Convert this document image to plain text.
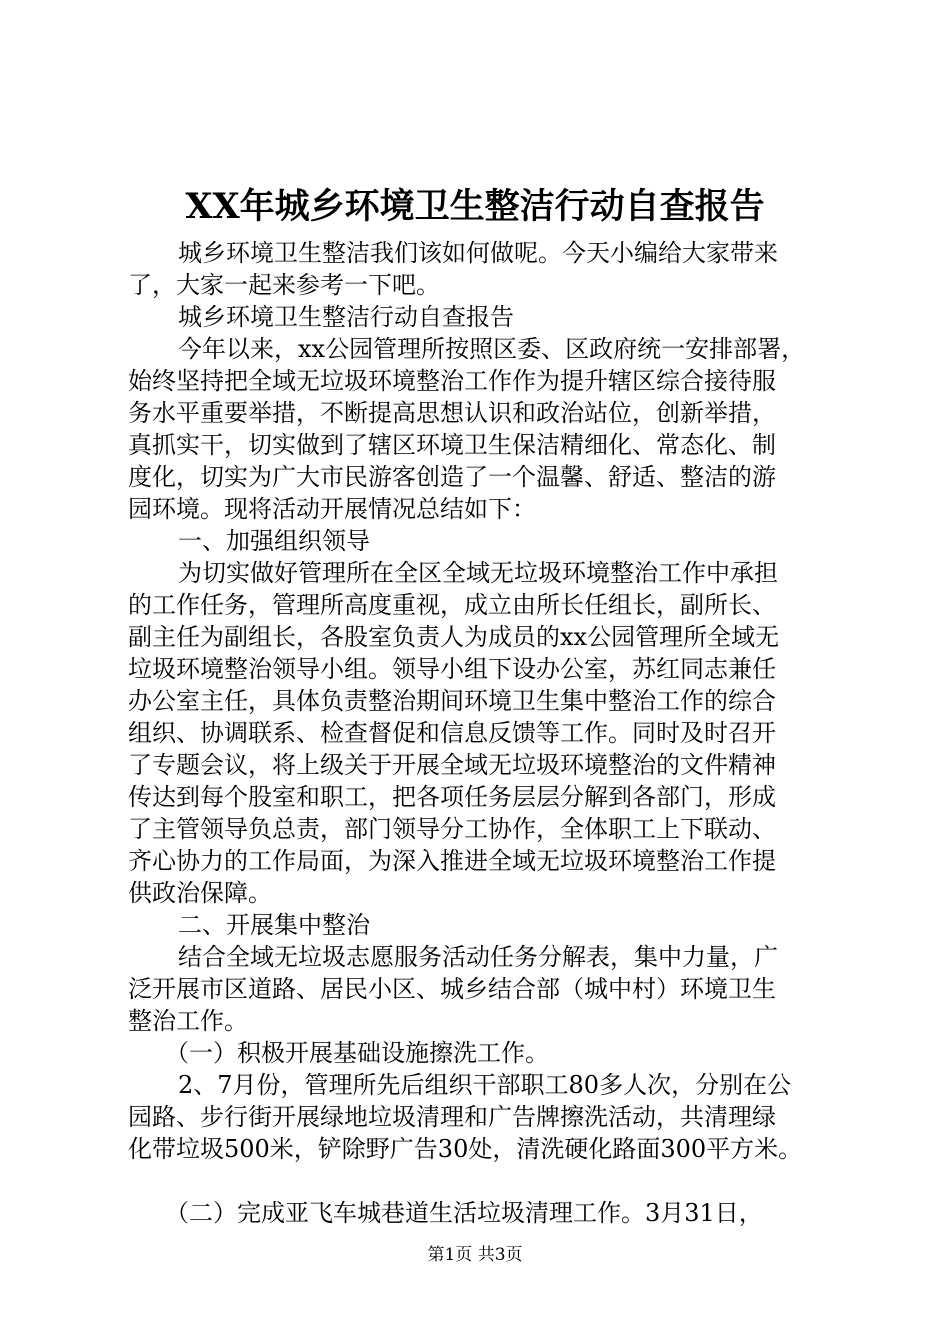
XX年城乡环境卫生整洁行动自查报告
城乡环境卫生整洁我们该如何做呢。今天小编给大家带来
了，大家一起来参考一下吧。
城乡环境卫生整洁行动自查报告
今年以来，xx公园管理所按照区委、区政府统一安排部署，
始终坚持把全域无垃圾环境整治工作作为提升辖区综合接待服
务水平重要举措，不断提高思想认识和政治站位，创新举措，
真抓实干，切实做到了辖区环境卫生保洁精细化、常态化、制
度化，切实为广大市民游客创造了一个温馨、舒适、整洁的游
园环境。现将活动开展情况总结如下：
一、加强组织领导
为切实做好管理所在全区全域无垃圾环境整治工作中承担
的工作任务，管理所高度重视，成立由所长任组长，副所长、
副主任为副组长，各股室负责人为成员的xx公园管理所全域无
垃圾环境整治领导小组。领导小组下设办公室，苏红同志兼任
办公室主任，具体负责整治期间环境卫生集中整治工作的综合
组织、协调联系、检查督促和信息反馈等工作。同时及时召开
了专题会议，将上级关于开展全域无垃圾环境整治的文件精神
传达到每个股室和职工，把各项任务层层分解到各部门，形成
了主管领导负总责，部门领导分工协作，全体职工上下联动、
齐心协力的工作局面，为深入推进全域无垃圾环境整治工作提
供政治保障。
二、开展集中整治
结合全域无垃圾志愿服务活动任务分解表，集中力量，广
泛开展市区道路、居民小区、城乡结合部（城中村）环境卫生
整治工作。
（一）积极开展基础设施擦洗工作。
2、7月份，管理所先后组织干部职工80多人次，分别在公
园路、步行街开展绿地垃圾清理和广告牌擦洗活动，共清理绿
化带垃圾500米，铲除野广告30处，清洗硬化路面300平方米。
（二）完成亚飞车城巷道生活垃圾清理工作。3月31日，
第1页 共3页
